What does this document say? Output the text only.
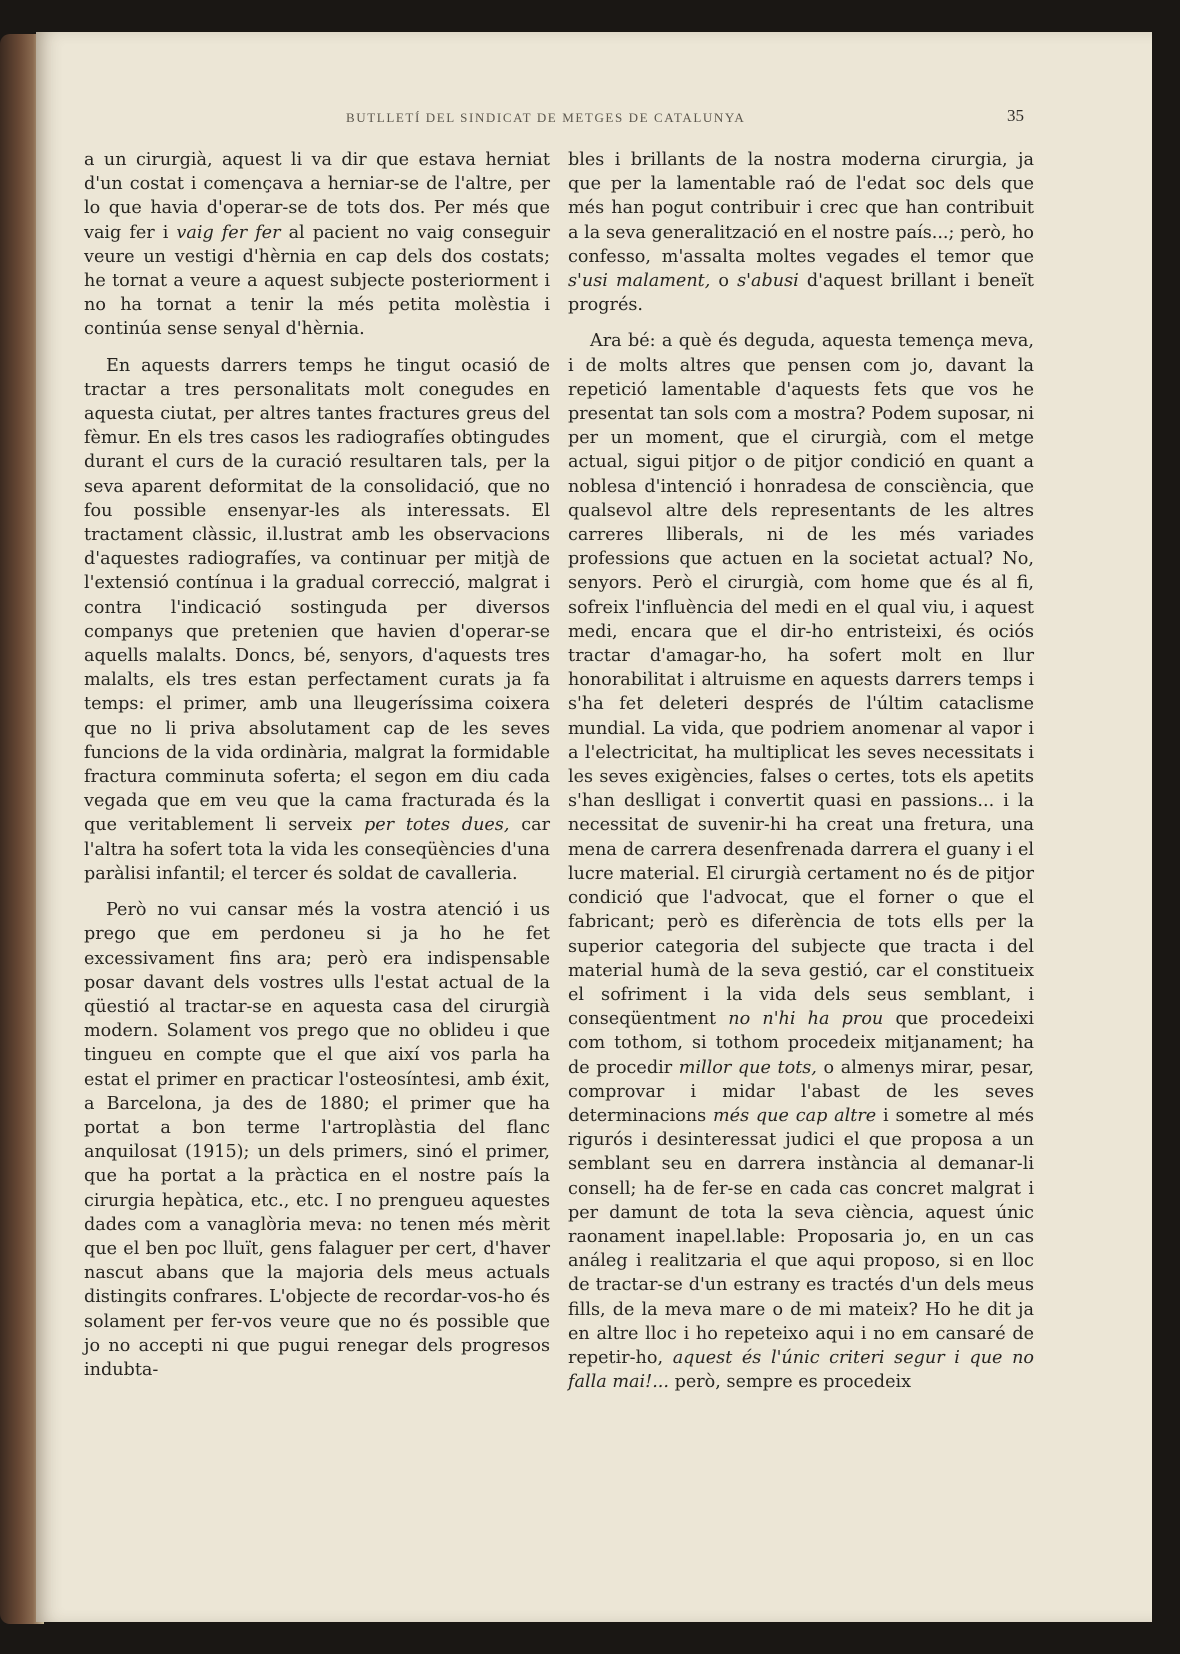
BUTLLETÍ DEL SINDICAT DE METGES DE CATALUNYA	35

a un cirurgià, aquest li va dir que estava herniat d'un costat i començava a herniar-se de l'altre, per lo que havia d'operar-se de tots dos. Per més que vaig fer i vaig fer fer al pacient no vaig conseguir veure un vestigi d'hèrnia en cap dels dos costats; he tornat a veure a aquest subjecte posteriorment i no ha tornat a tenir la més petita molèstia i continúa sense senyal d'hèrnia.

En aquests darrers temps he tingut ocasió de tractar a tres personalitats molt conegudes en aquesta ciutat, per altres tantes fractures greus del fèmur. En els tres casos les radiografíes obtingudes durant el curs de la curació resultaren tals, per la seva aparent deformitat de la consolidació, que no fou possible ensenyar-les als interessats. El tractament clàssic, il.lustrat amb les observacions d'aquestes radiografíes, va continuar per mitjà de l'extensió contínua i la gradual correcció, malgrat i contra l'indicació sostinguda per diversos companys que pretenien que havien d'operar-se aquells malalts. Doncs, bé, senyors, d'aquests tres malalts, els tres estan perfectament curats ja fa temps: el primer, amb una lleugeríssima coixera que no li priva absolutament cap de les seves funcions de la vida ordinària, malgrat la formidable fractura comminuta soferta; el segon em diu cada vegada que em veu que la cama fracturada és la que veritablement li serveix per totes dues, car l'altra ha sofert tota la vida les conseqüències d'una paràlisi infantil; el tercer és soldat de cavalleria.

Però no vui cansar més la vostra atenció i us prego que em perdoneu si ja ho he fet excessivament fins ara; però era indispensable posar davant dels vostres ulls l'estat actual de la qüestió al tractar-se en aquesta casa del cirurgià modern. Solament vos prego que no oblideu i que tingueu en compte que el que així vos parla ha estat el primer en practicar l'osteosíntesi, amb éxit, a Barcelona, ja des de 1880; el primer que ha portat a bon terme l'artroplàstia del flanc anquilosat (1915); un dels primers, sinó el primer, que ha portat a la pràctica en el nostre país la cirurgia hepàtica, etc., etc. I no prengueu aquestes dades com a vanaglòria meva: no tenen més mèrit que el ben poc lluït, gens falaguer per cert, d'haver nascut abans que la majoria dels meus actuals distingits confrares. L'objecte de recordar-vos-ho és solament per fer-vos veure que no és possible que jo no accepti ni que pugui renegar dels progresos indubta-

bles i brillants de la nostra moderna cirurgia, ja que per la lamentable raó de l'edat soc dels que més han pogut contribuir i crec que han contribuit a la seva generalització en el nostre país...; però, ho confesso, m'assalta moltes vegades el temor que s'usi malament, o s'abusi d'aquest brillant i beneït progrés.

Ara bé: a què és deguda, aquesta temença meva, i de molts altres que pensen com jo, davant la repetició lamentable d'aquests fets que vos he presentat tan sols com a mostra? Podem suposar, ni per un moment, que el cirurgià, com el metge actual, sigui pitjor o de pitjor condició en quant a noblesa d'intenció i honradesa de consciència, que qualsevol altre dels representants de les altres carreres lliberals, ni de les més variades professions que actuen en la societat actual? No, senyors. Però el cirurgià, com home que és al fi, sofreix l'influència del medi en el qual viu, i aquest medi, encara que el dir-ho entristeixi, és ociós tractar d'amagar-ho, ha sofert molt en llur honorabilitat i altruisme en aquests darrers temps i s'ha fet deleteri després de l'últim cataclisme mundial. La vida, que podriem anomenar al vapor i a l'electricitat, ha multiplicat les seves necessitats i les seves exigències, falses o certes, tots els apetits s'han deslligat i convertit quasi en passions... i la necessitat de suvenir-hi ha creat una fretura, una mena de carrera desenfrenada darrera el guany i el lucre material. El cirurgià certament no és de pitjor condició que l'advocat, que el forner o que el fabricant; però es diferència de tots ells per la superior categoria del subjecte que tracta i del material humà de la seva gestió, car el constitueix el sofriment i la vida dels seus semblant, i conseqüentment no n'hi ha prou que procedeixi com tothom, si tothom procedeix mitjanament; ha de procedir millor que tots, o almenys mirar, pesar, comprovar i midar l'abast de les seves determinacions més que cap altre i sometre al més rigurós i desinteressat judici el que proposa a un semblant seu en darrera instància al demanar-li consell; ha de fer-se en cada cas concret malgrat i per damunt de tota la seva ciència, aquest únic raonament inapel.lable: Proposaria jo, en un cas análeg i realitzaria el que aqui proposo, si en lloc de tractar-se d'un estrany es tractés d'un dels meus fills, de la meva mare o de mi mateix? Ho he dit ja en altre lloc i ho repeteixo aqui i no em cansaré de repetir-ho, aquest és l'únic criteri segur i que no falla mai!... però, sempre es procedeix
